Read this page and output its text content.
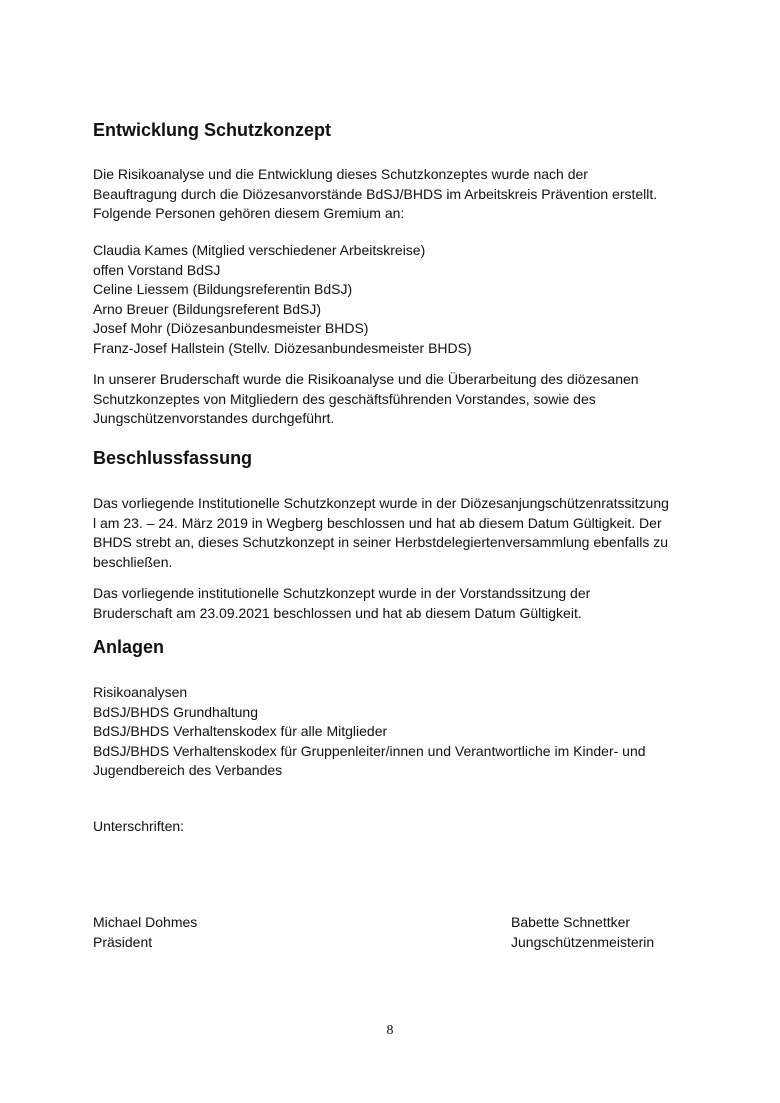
Entwicklung Schutzkonzept
Die Risikoanalyse und die Entwicklung dieses Schutzkonzeptes wurde nach der
Beauftragung durch die Diözesanvorstände BdSJ/BHDS im Arbeitskreis Prävention erstellt.
Folgende Personen gehören diesem Gremium an:
Claudia Kames (Mitglied verschiedener Arbeitskreise)
offen Vorstand BdSJ
Celine Liessem (Bildungsreferentin BdSJ)
Arno Breuer (Bildungsreferent BdSJ)
Josef Mohr (Diözesanbundesmeister BHDS)
Franz-Josef Hallstein (Stellv. Diözesanbundesmeister BHDS)
In unserer Bruderschaft wurde die Risikoanalyse und die Überarbeitung des diözesanen
Schutzkonzeptes von Mitgliedern des geschäftsführenden Vorstandes, sowie des
Jungschützenvorstandes durchgeführt.
Beschlussfassung
Das vorliegende Institutionelle Schutzkonzept wurde in der Diözesanjungschützenratssitzung
l am 23. – 24. März 2019 in Wegberg beschlossen und hat ab diesem Datum Gültigkeit. Der
BHDS strebt an, dieses Schutzkonzept in seiner Herbstdelegiertenversammlung ebenfalls zu
beschließen.
Das vorliegende institutionelle Schutzkonzept wurde in der Vorstandssitzung der
Bruderschaft am 23.09.2021 beschlossen und hat ab diesem Datum Gültigkeit.
Anlagen
Risikoanalysen
BdSJ/BHDS Grundhaltung
BdSJ/BHDS Verhaltenskodex für alle Mitglieder
BdSJ/BHDS Verhaltenskodex für Gruppenleiter/innen und Verantwortliche im Kinder- und
Jugendbereich des Verbandes
Unterschriften:
Michael Dohmes
Präsident
Babette Schnettker
Jungschützenmeisterin
8
